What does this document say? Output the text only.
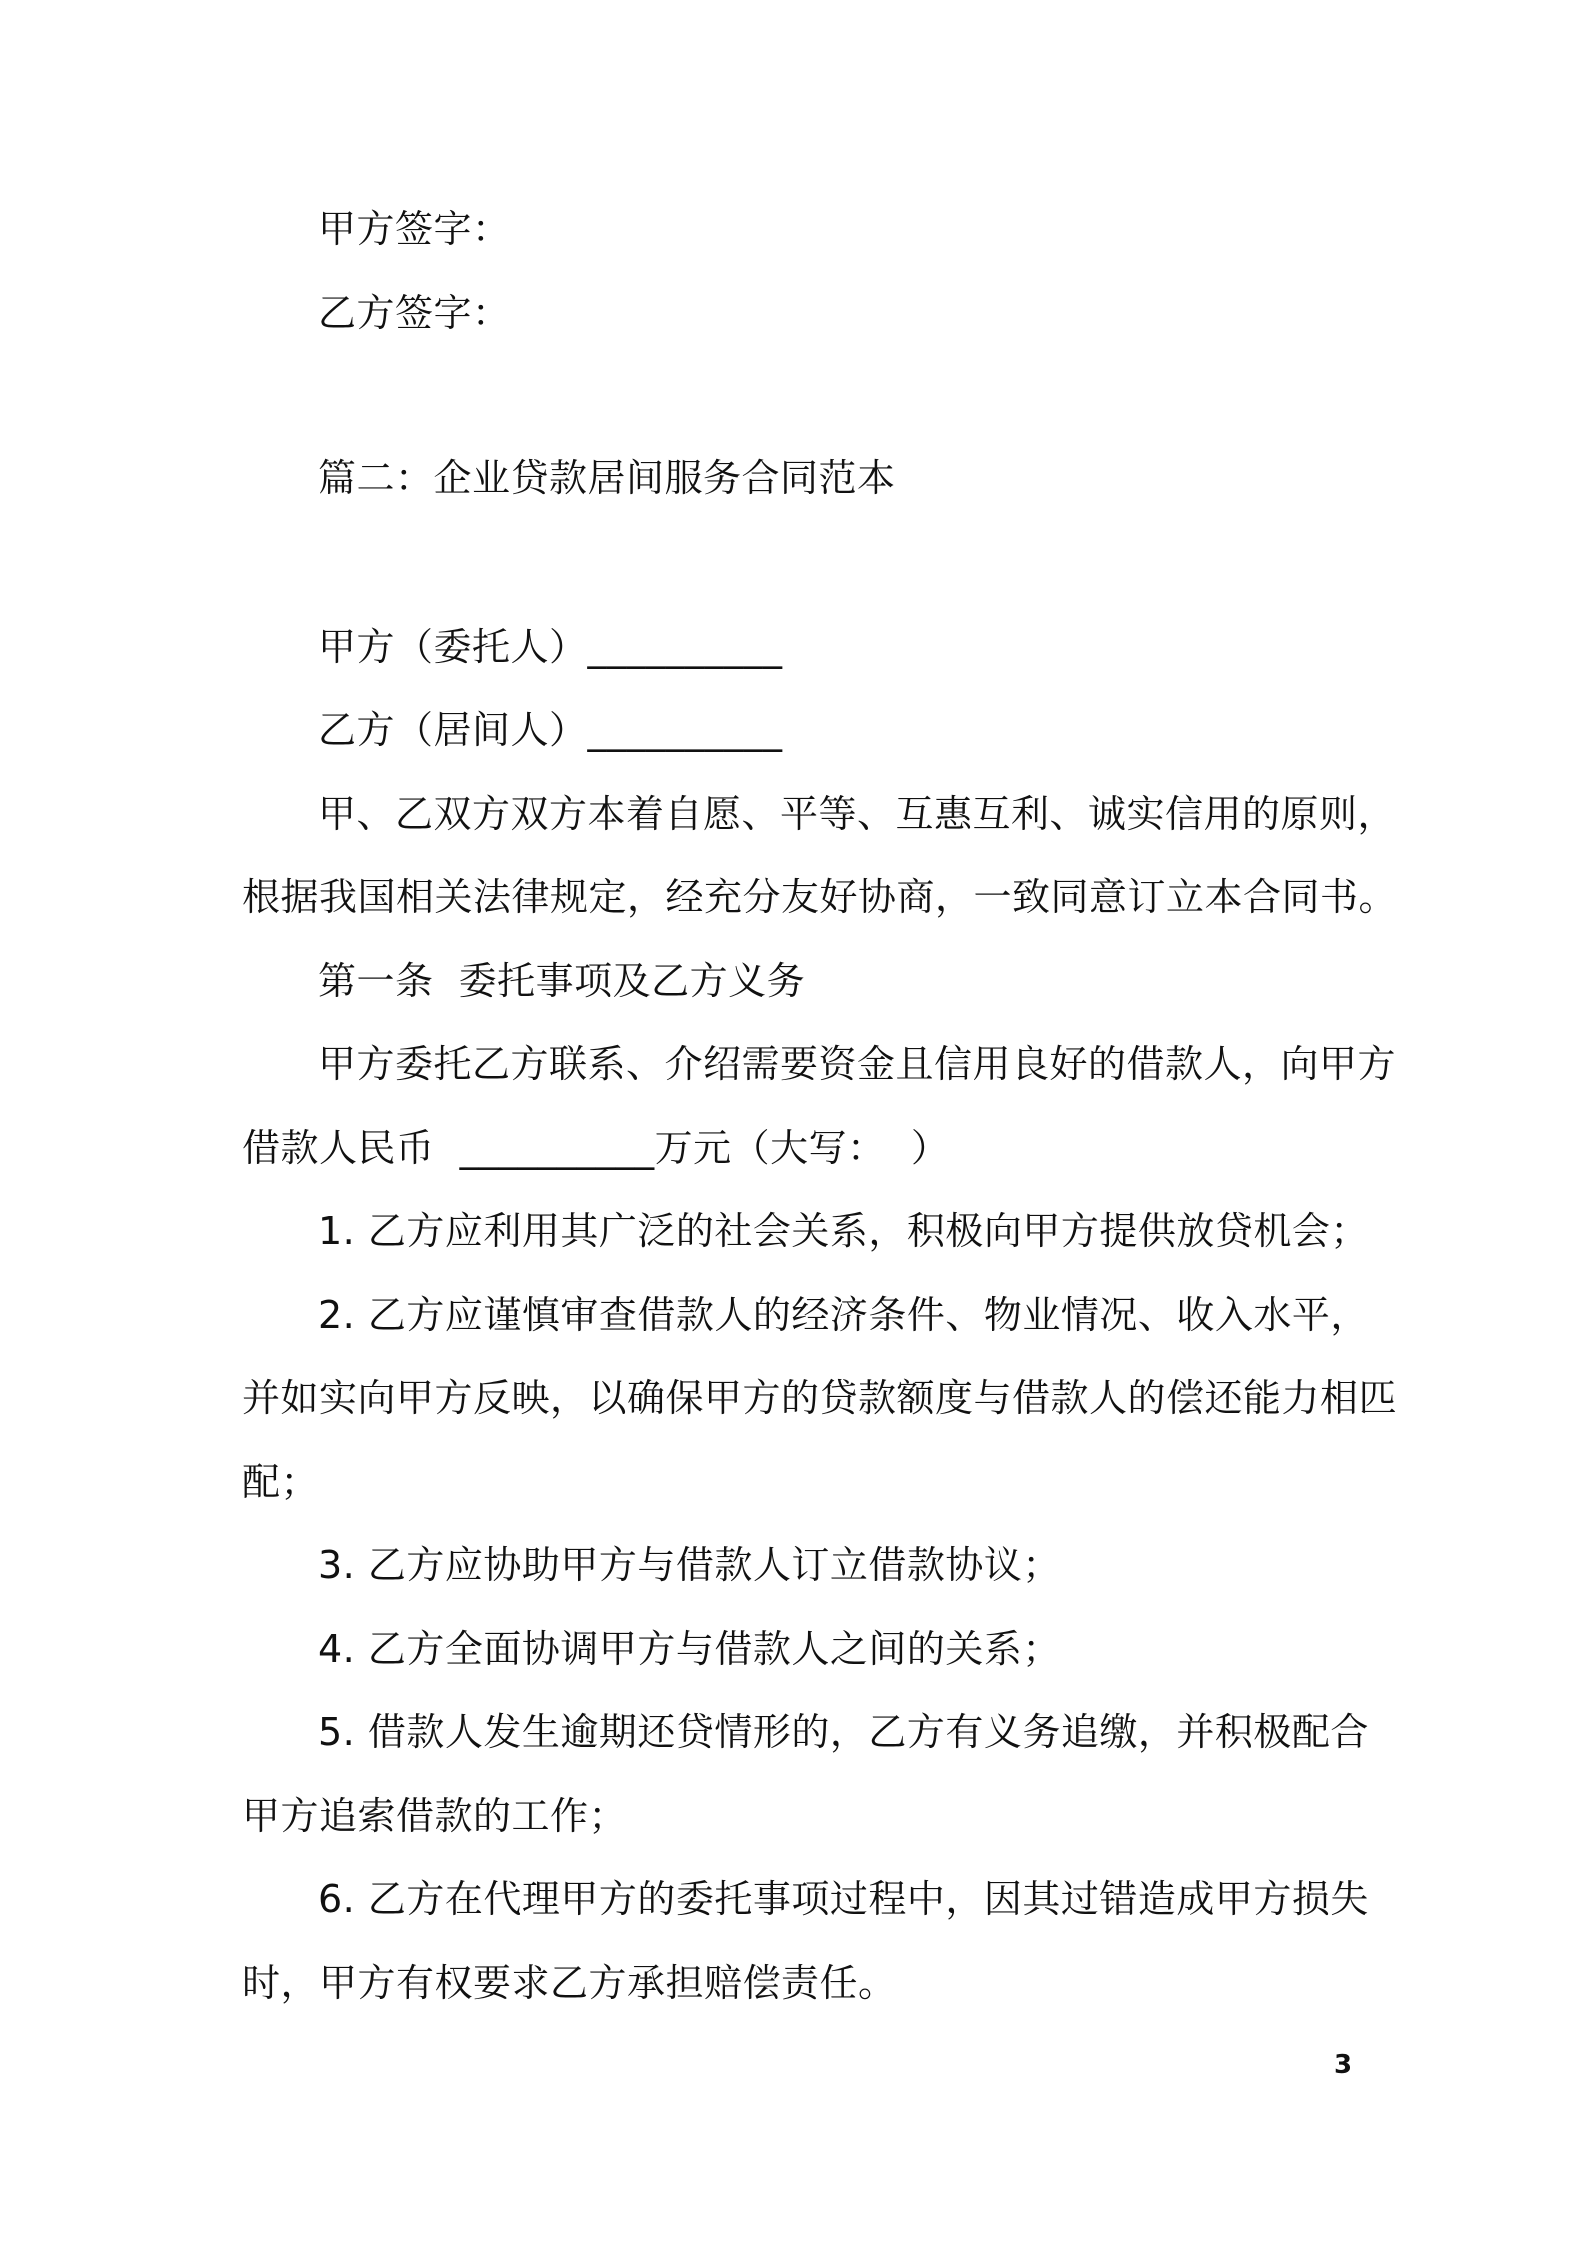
甲方签字：
乙方签字：
篇二：企业贷款居间服务合同范本
甲方（委托人）__________
乙方（居间人）__________
甲、乙双方双方本着自愿、平等、互惠互利、诚实信用的原则，
根据我国相关法律规定，经充分友好协商，一致同意订立本合同书。
第一条  委托事项及乙方义务
甲方委托乙方联系、介绍需要资金且信用良好的借款人，向甲方
借款人民币  __________万元（大写：  ）
1. 乙方应利用其广泛的社会关系，积极向甲方提供放贷机会；
2. 乙方应谨慎审查借款人的经济条件、物业情况、收入水平，
并如实向甲方反映，以确保甲方的贷款额度与借款人的偿还能力相匹
配；
3. 乙方应协助甲方与借款人订立借款协议；
4. 乙方全面协调甲方与借款人之间的关系；
5. 借款人发生逾期还贷情形的，乙方有义务追缴，并积极配合
甲方追索借款的工作；
6. 乙方在代理甲方的委托事项过程中，因其过错造成甲方损失
时，甲方有权要求乙方承担赔偿责任。
3
